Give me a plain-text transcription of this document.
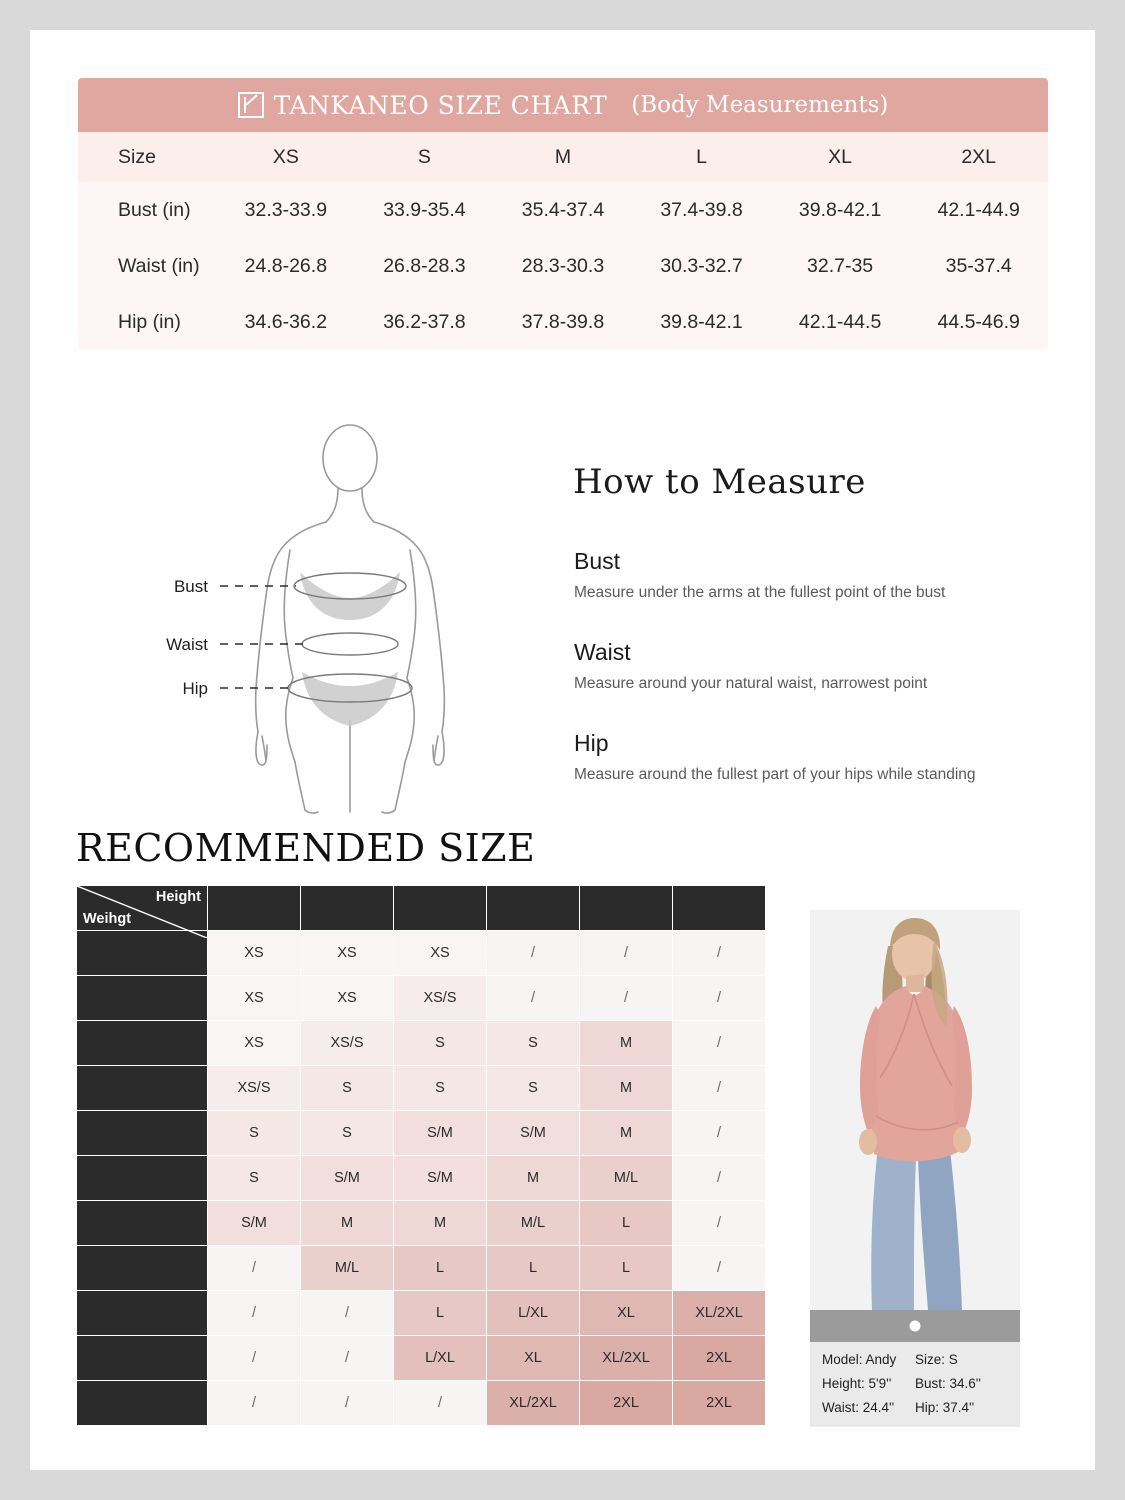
TANKANEO SIZE CHART (Body Measurements)
Size	XS	S	M	L	XL	2XL
Bust (in)	32.3-33.9	33.9-35.4	35.4-37.4	37.4-39.8	39.8-42.1	42.1-44.9
Waist (in)	24.8-26.8	26.8-28.3	28.3-30.3	30.3-32.7	32.7-35	35-37.4
Hip (in)	34.6-36.2	36.2-37.8	37.8-39.8	39.8-42.1	42.1-44.5	44.5-46.9
Bust
Waist
Hip
How to Measure
Bust
Measure under the arms at the fullest point of the bust
Waist
Measure around your natural waist, narrowest point
Hip
Measure around the fullest part of your hips while standing
RECOMMENDED SIZE
Height
Weihgt	4'11"-5'1"	5'1"-5'3"	5'3"-5'5"	5'5"-5'7"	5'7"-5'9"	5'9"-5'11"
100-105 lb	XS	XS	XS	/	/	/
105-110 lb	XS	XS	XS/S	/	/	/
110-115 lb	XS	XS/S	S	S	M	/
115-120 lb	XS/S	S	S	S	M	/
120-125 lb	S	S	S/M	S/M	M	/
125-130 lb	S	S/M	S/M	M	M/L	/
130-135 lb	S/M	M	M	M/L	L	/
135-140 lb	/	M/L	L	L	L	/
140-145 lb	/	/	L	L/XL	XL	XL/2XL
145-150 lb	/	/	L/XL	XL	XL/2XL	2XL
150-155 lb	/	/	/	XL/2XL	2XL	2XL
Model: Andy	Size: S
Height: 5'9''	Bust: 34.6''
Waist: 24.4''	Hip: 37.4''
